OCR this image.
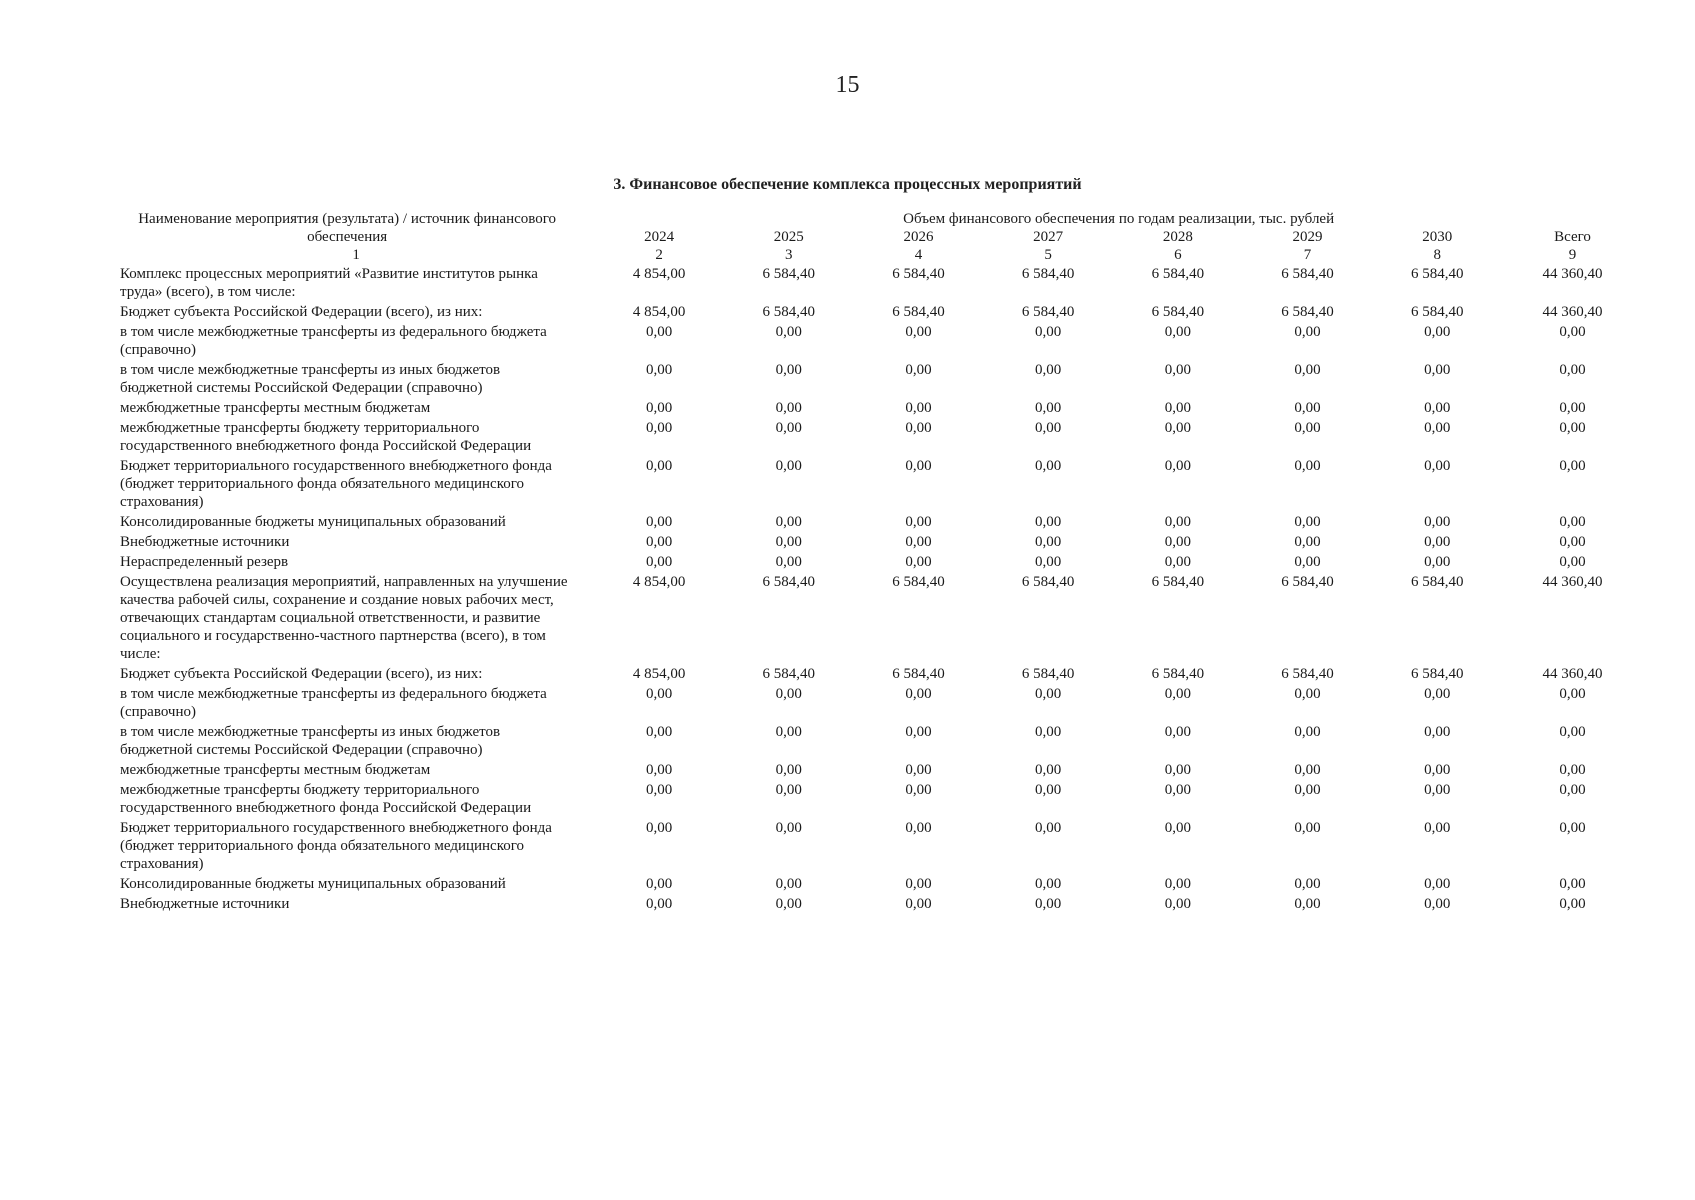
15
3. Финансовое обеспечение комплекса процессных мероприятий
Наименование мероприятия (результата) / источник финансового обеспечения	Объем финансового обеспечения по годам реализации, тыс. рублей							
	2024	2025	2026	2027	2028	2029	2030	Всего
1	2	3	4	5	6	7	8	9
Комплекс процессных мероприятий «Развитие институтов рынка труда» (всего), в том числе:	4 854,00	6 584,40	6 584,40	6 584,40	6 584,40	6 584,40	6 584,40	44 360,40
Бюджет субъекта Российской Федерации (всего), из них:	4 854,00	6 584,40	6 584,40	6 584,40	6 584,40	6 584,40	6 584,40	44 360,40
в том числе межбюджетные трансферты из федерального бюджета (справочно)	0,00	0,00	0,00	0,00	0,00	0,00	0,00	0,00
в том числе межбюджетные трансферты из иных бюджетов бюджетной системы Российской Федерации (справочно)	0,00	0,00	0,00	0,00	0,00	0,00	0,00	0,00
межбюджетные трансферты местным бюджетам	0,00	0,00	0,00	0,00	0,00	0,00	0,00	0,00
межбюджетные трансферты бюджету территориального государственного внебюджетного фонда Российской Федерации	0,00	0,00	0,00	0,00	0,00	0,00	0,00	0,00
Бюджет территориального государственного внебюджетного фонда (бюджет территориального фонда обязательного медицинского страхования)	0,00	0,00	0,00	0,00	0,00	0,00	0,00	0,00
Консолидированные бюджеты муниципальных образований	0,00	0,00	0,00	0,00	0,00	0,00	0,00	0,00
Внебюджетные источники	0,00	0,00	0,00	0,00	0,00	0,00	0,00	0,00
Нераспределенный резерв	0,00	0,00	0,00	0,00	0,00	0,00	0,00	0,00
Осуществлена реализация мероприятий, направленных на улучшение качества рабочей силы, сохранение и создание новых рабочих мест, отвечающих стандартам социальной ответственности, и развитие социального и государственно-частного партнерства (всего), в том числе:	4 854,00	6 584,40	6 584,40	6 584,40	6 584,40	6 584,40	6 584,40	44 360,40
Бюджет субъекта Российской Федерации (всего), из них:	4 854,00	6 584,40	6 584,40	6 584,40	6 584,40	6 584,40	6 584,40	44 360,40
в том числе межбюджетные трансферты из федерального бюджета (справочно)	0,00	0,00	0,00	0,00	0,00	0,00	0,00	0,00
в том числе межбюджетные трансферты из иных бюджетов бюджетной системы Российской Федерации (справочно)	0,00	0,00	0,00	0,00	0,00	0,00	0,00	0,00
межбюджетные трансферты местным бюджетам	0,00	0,00	0,00	0,00	0,00	0,00	0,00	0,00
межбюджетные трансферты бюджету территориального государственного внебюджетного фонда Российской Федерации	0,00	0,00	0,00	0,00	0,00	0,00	0,00	0,00
Бюджет территориального государственного внебюджетного фонда (бюджет территориального фонда обязательного медицинского страхования)	0,00	0,00	0,00	0,00	0,00	0,00	0,00	0,00
Консолидированные бюджеты муниципальных образований	0,00	0,00	0,00	0,00	0,00	0,00	0,00	0,00
Внебюджетные источники	0,00	0,00	0,00	0,00	0,00	0,00	0,00	0,00
